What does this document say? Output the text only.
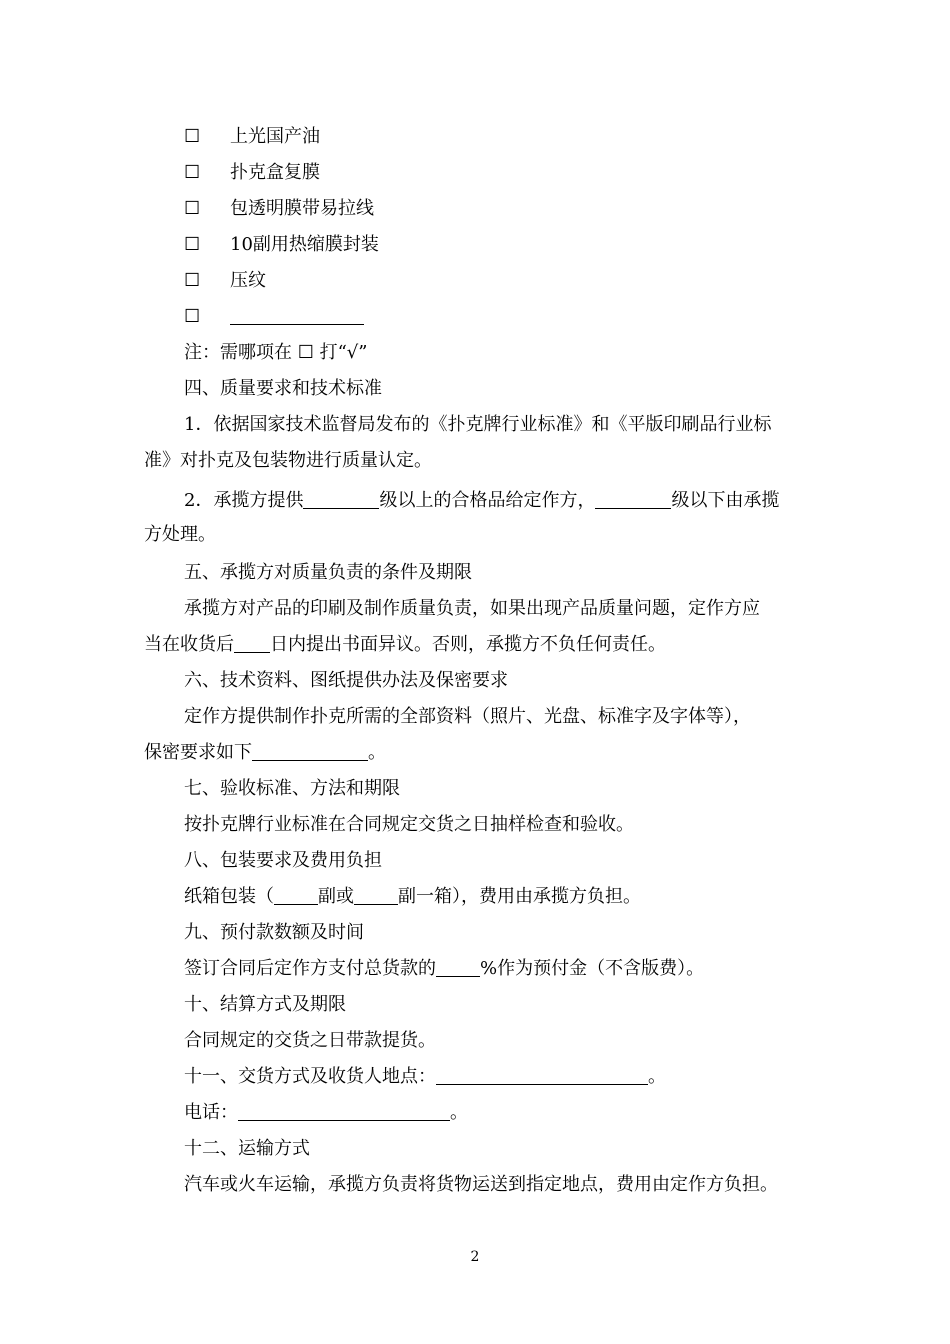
☐ 上光国产油
☐ 扑克盒复膜
☐ 包透明膜带易拉线
☐ 10副用热缩膜封装
☐ 压纹
☐
注：需哪项在 ☐ 打“√”
四、质量要求和技术标准
1．依据国家技术监督局发布的《扑克牌行业标准》和《平版印刷品行业标
准》对扑克及包装物进行质量认定。
2．承揽方提供	级以上的合格品给定作方，	级以下由承揽
方处理。
五、承揽方对质量负责的条件及期限
承揽方对产品的印刷及制作质量负责，如果出现产品质量问题，定作方应
当在收货后 日内提出书面异议。否则，承揽方不负任何责任。
六、技术资料、图纸提供办法及保密要求
定作方提供制作扑克所需的全部资料（照片、光盘、标准字及字体等），
保密要求如下	。
七、验收标准、方法和期限
按扑克牌行业标准在合同规定交货之日抽样检查和验收。
八、包装要求及费用负担
纸箱包装（ 副或 副一箱），费用由承揽方负担。
九、预付款数额及时间
签订合同后定作方支付总货款的 %作为预付金（不含版费）。
十、结算方式及期限
合同规定的交货之日带款提货。
十一、交货方式及收货人地点：	。
电话：	。
十二、运输方式
汽车或火车运输，承揽方负责将货物运送到指定地点，费用由定作方负担。
2
